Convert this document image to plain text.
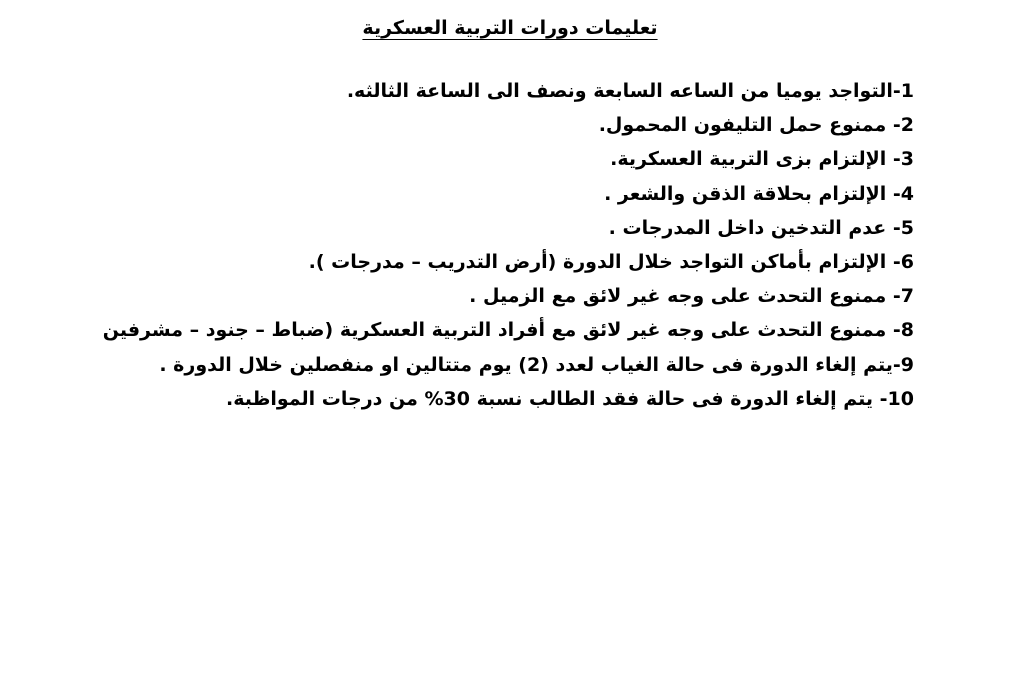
تعليمات دورات التربية العسكرية
1-التواجد يوميا من الساعه السابعة ونصف الى الساعة الثالثه.
2- ممنوع حمل التليفون المحمول.
3- الإلتزام بزى التربية العسكرية.
4- الإلتزام بحلاقة الذقن والشعر .
5- عدم التدخين داخل المدرجات .
6- الإلتزام بأماكن التواجد خلال الدورة (أرض التدريب – مدرجات ).
7- ممنوع التحدث على وجه غير لائق مع الزميل .
8- ممنوع التحدث على وجه غير لائق مع أفراد التربية العسكرية (ضباط – جنود – مشرفين
9-يتم إلغاء الدورة فى حالة الغياب لعدد (2) يوم متتالين او منفصلين خلال الدورة .
10- يتم إلغاء الدورة فى حالة فقد الطالب نسبة 30% من درجات المواظبة.
